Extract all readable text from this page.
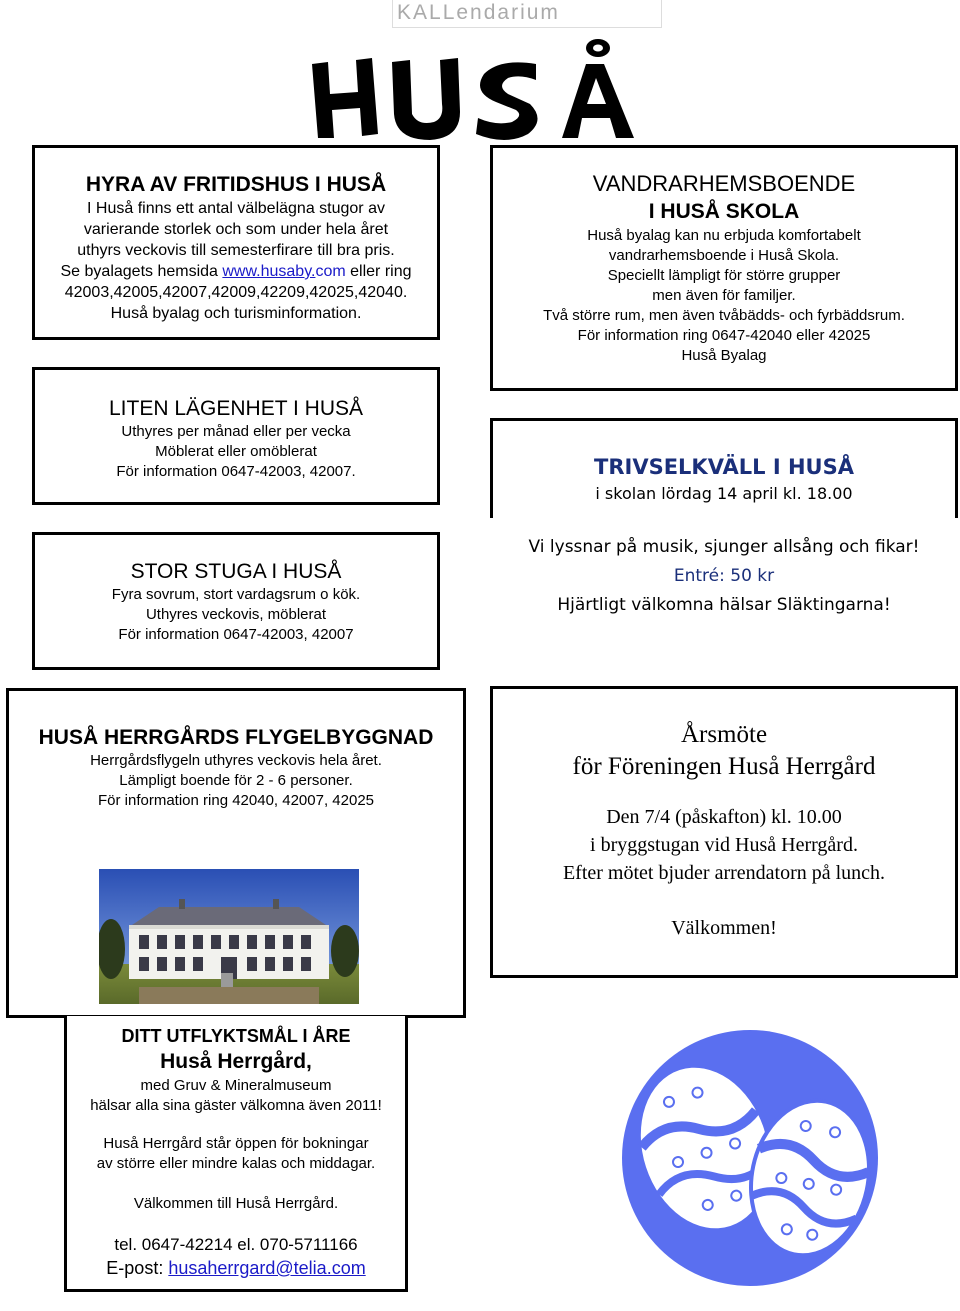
KALLendarium
HYRA AV FRITIDSHUS I HUSÅ
I Huså finns ett antal välbelägna stugor av
varierande storlek och som under hela året
uthyrs veckovis till semesterfirare till bra pris.
Se byalagets hemsida www.husaby.com eller ring
42003,42005,42007,42009,42209,42025,42040.
Huså byalag och turisminformation.
VANDRARHEMSBOENDE
I HUSÅ SKOLA
Huså byalag kan nu erbjuda komfortabelt
vandrarhemsboende i Huså Skola.
Speciellt lämpligt för större grupper
men även för familjer.
Två större rum, men även tvåbädds- och fyrbäddsrum.
För information ring 0647-42040 eller 42025
Huså Byalag
LITEN LÄGENHET I HUSÅ
Uthyres per månad eller per vecka
Möblerat eller omöblerat
För information 0647-42003, 42007.	TRIVSELKVÄLL I HUSÅ
i skolan lördag 14 april kl. 18.00
Vi lyssnar på musik, sjunger allsång och fikar!
Entré: 50 kr
Hjärtligt välkomna hälsar Släktingarna!
STOR STUGA I HUSÅ
Fyra sovrum, stort vardagsrum o kök.
Uthyres veckovis, möblerat
För information 0647-42003, 42007
HUSÅ HERRGÅRDS FLYGELBYGGNAD
Herrgårdsflygeln uthyres veckovis hela året.
Lämpligt boende för 2 - 6 personer.
För information ring 42040, 42007, 42025
Årsmöte
för Föreningen Huså Herrgård
Den 7/4 (påskafton) kl. 10.00
i bryggstugan vid Huså Herrgård.
Efter mötet bjuder arrendatorn på lunch.
Välkommen!
DITT UTFLYKTSMÅL I ÅRE
Huså Herrgård,
med Gruv & Mineralmuseum
hälsar alla sina gäster välkomna även 2011!
Huså Herrgård står öppen för bokningar
av större eller mindre kalas och middagar.
Välkommen till Huså Herrgård.
tel. 0647-42214 el. 070-5711166
E-post: husaherrgard@telia.com
